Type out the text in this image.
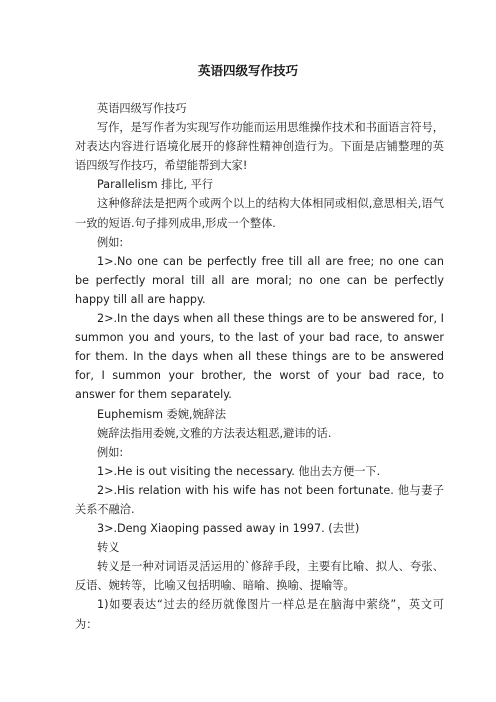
英语四级写作技巧

英语四级写作技巧

写作，是写作者为实现写作功能而运用思维操作技术和书面语言符号，对表达内容进行语境化展开的修辞性精神创造行为。下面是店铺整理的英语四级写作技巧，希望能帮到大家!

Parallelism 排比, 平行

这种修辞法是把两个或两个以上的结构大体相同或相似,意思相关,语气一致的短语.句子排列成串,形成一个整体.

例如:

1>.No one can be perfectly free till all are free; no one can be perfectly moral till all are moral; no one can be perfectly happy till all are happy.

2>.In the days when all these things are to be answered for, I summon you and yours, to the last of your bad race, to answer for them. In the days when all these things are to be answered for, I summon your brother, the worst of your bad race, to answer for them separately.

Euphemism 委婉,婉辞法

婉辞法指用委婉,文雅的方法表达粗恶,避讳的话.

例如:

1>.He is out visiting the necessary. 他出去方便一下.

2>.His relation with his wife has not been fortunate. 他与妻子关系不融洽.

3>.Deng Xiaoping passed away in 1997. (去世)

转义

转义是一种对词语灵活运用的`修辞手段，主要有比喻、拟人、夸张、反语、婉转等，比喻又包括明喻、暗喻、换喻、提喻等。

1)如要表达“过去的经历就像图片一样总是在脑海中萦绕”，英文可为：
